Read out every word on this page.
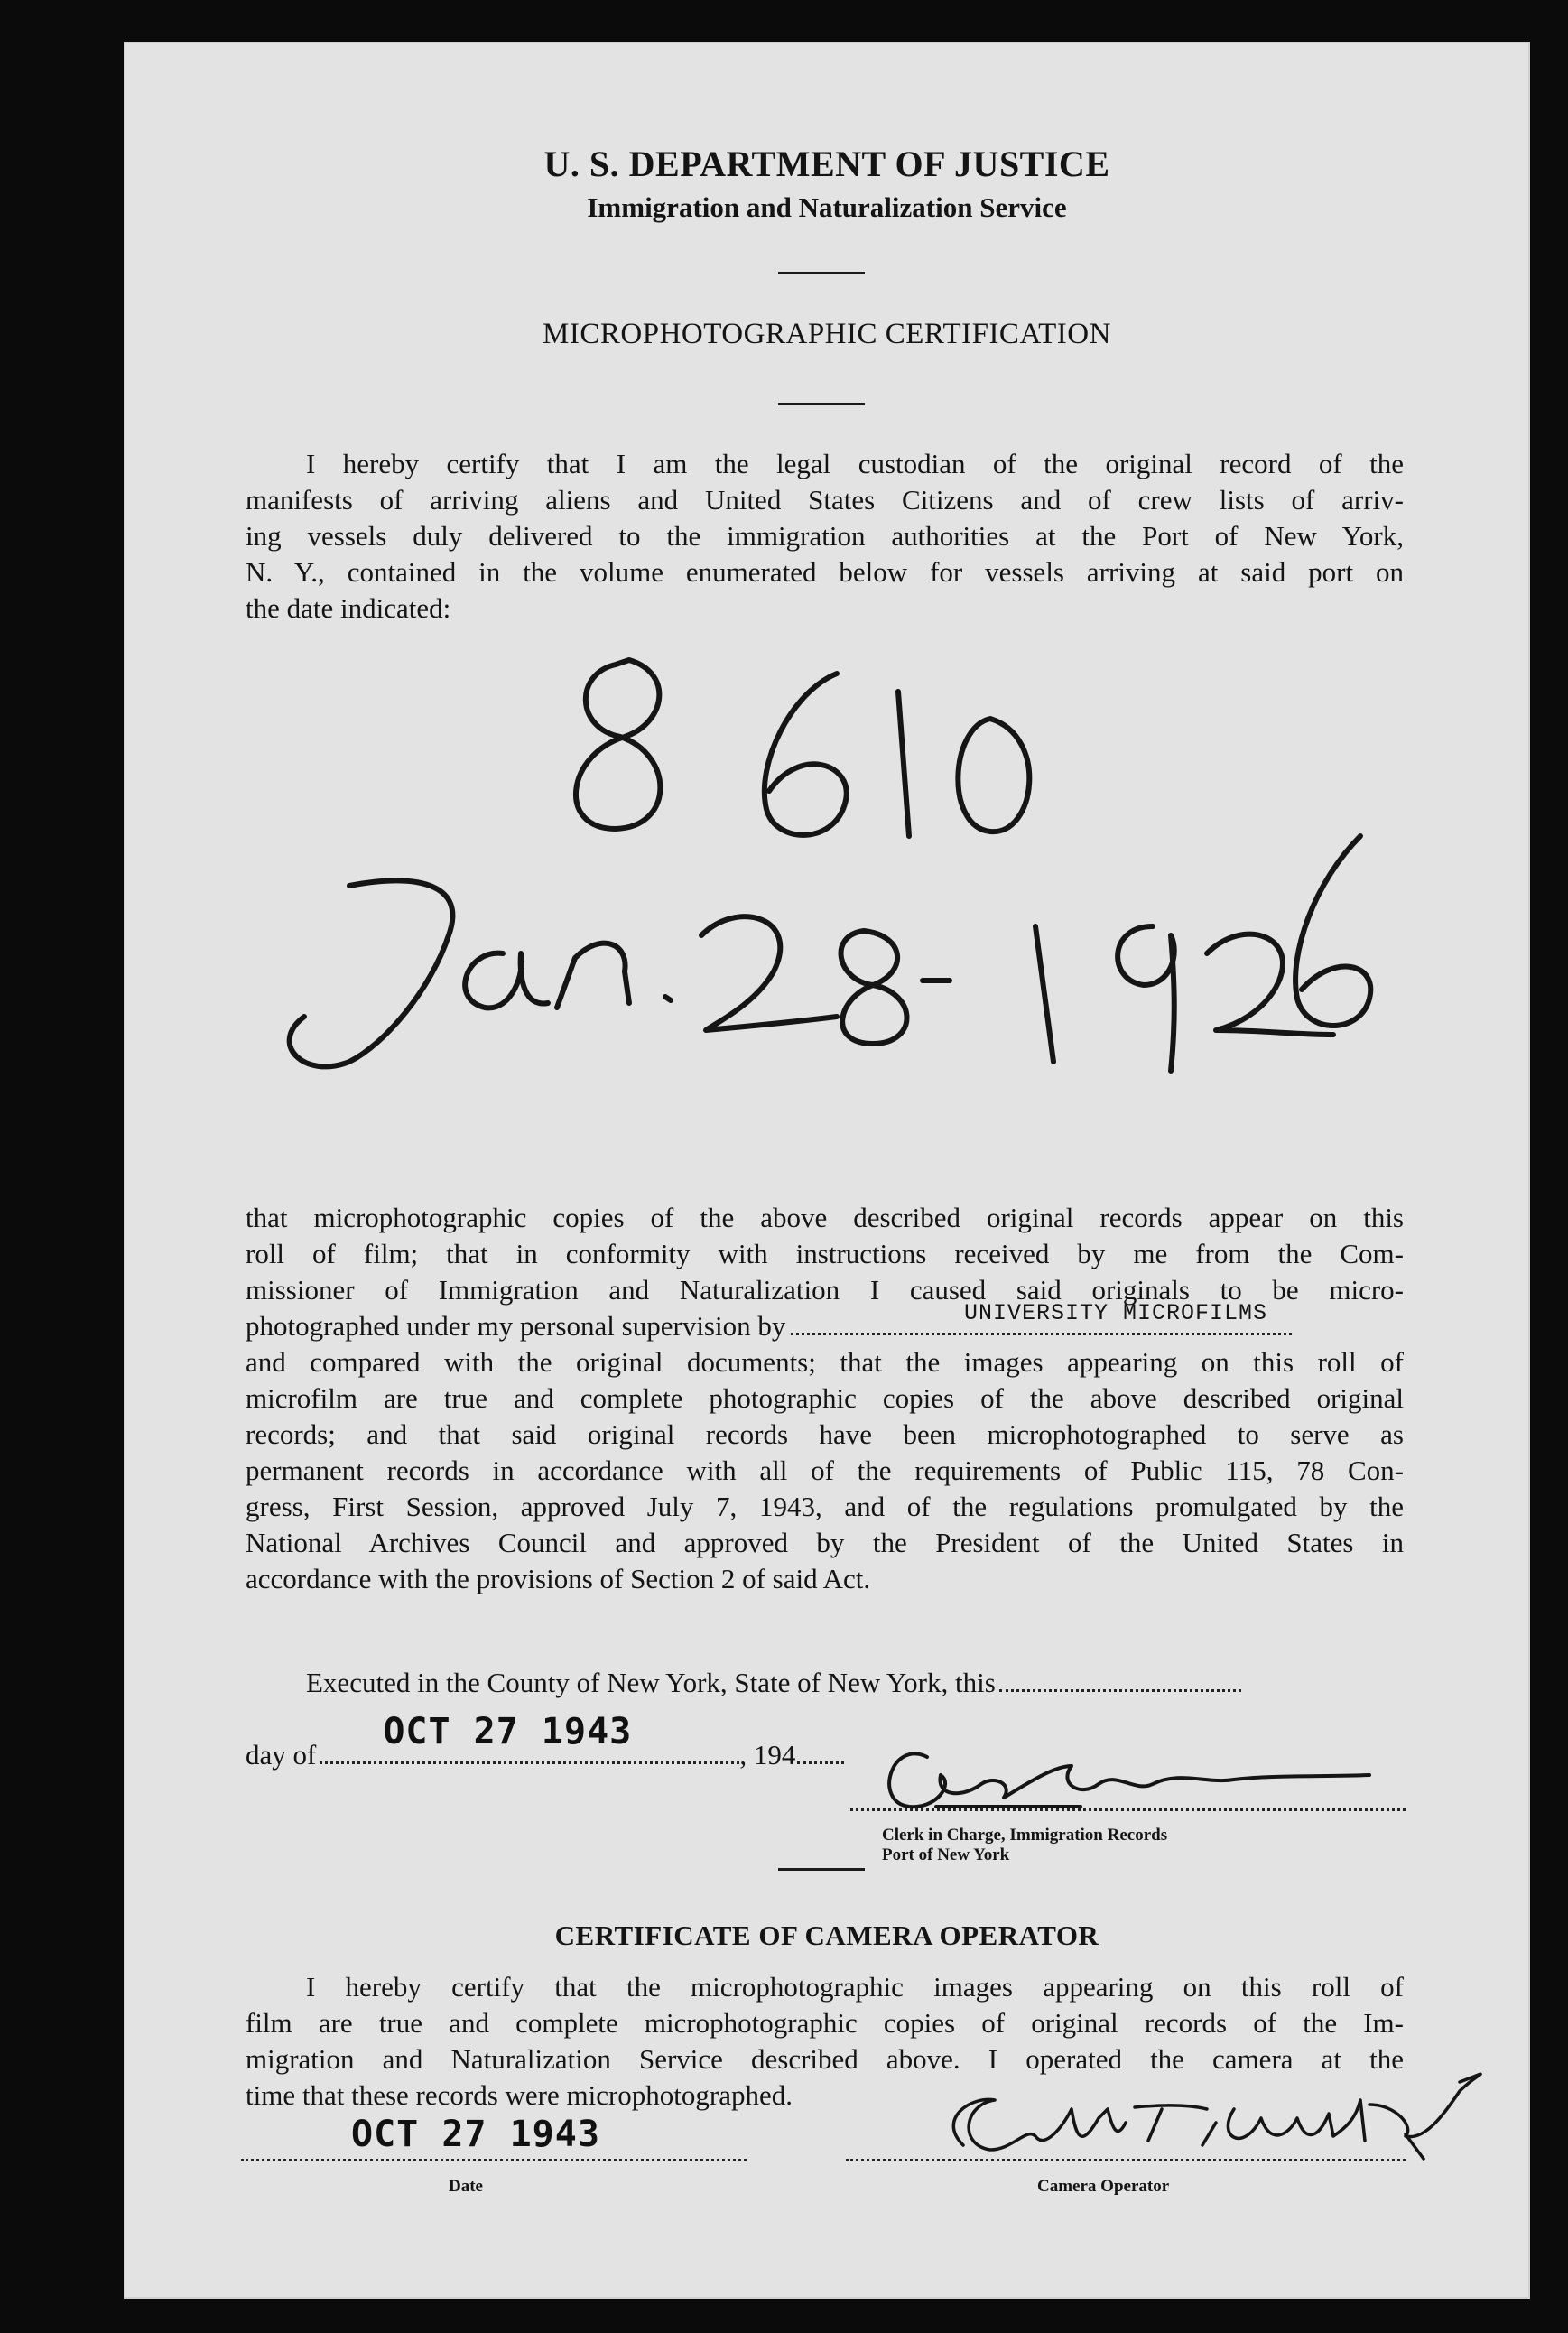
U. S. DEPARTMENT OF JUSTICE
Immigration and Naturalization Service
MICROPHOTOGRAPHIC CERTIFICATION
I hereby certify that I am the legal custodian of the original record of the
manifests of arriving aliens and United States Citizens and of crew lists of arriv-
ing vessels duly delivered to the immigration authorities at the Port of New York,
N. Y., contained in the volume enumerated below for vessels arriving at said port on
the date indicated:
that microphotographic copies of the above described original records appear on this
roll of film; that in conformity with instructions received by me from the Com-
missioner of Immigration and Naturalization I caused said originals to be micro-
photographed under my personal supervision by	UNIVERSITY MICROFILMS
and compared with the original documents; that the images appearing on this roll of
microfilm are true and complete photographic copies of the above described original
records; and that said original records have been microphotographed to serve as
permanent records in accordance with all of the requirements of Public 115, 78 Con-
gress, First Session, approved July 7, 1943, and of the regulations promulgated by the
National Archives Council and approved by the President of the United States in
accordance with the provisions of Section 2 of said Act.
Executed in the County of New York, State of New York, this
day of
OCT 27 1943
, 194
Clerk in Charge, Immigration Records
Port of New York
CERTIFICATE OF CAMERA OPERATOR
I hereby certify that the microphotographic images appearing on this roll of
film are true and complete microphotographic copies of original records of the Im-
migration and Naturalization Service described above. I operated the camera at the
time that these records were microphotographed.
OCT 27 1943
Date	Camera Operator
